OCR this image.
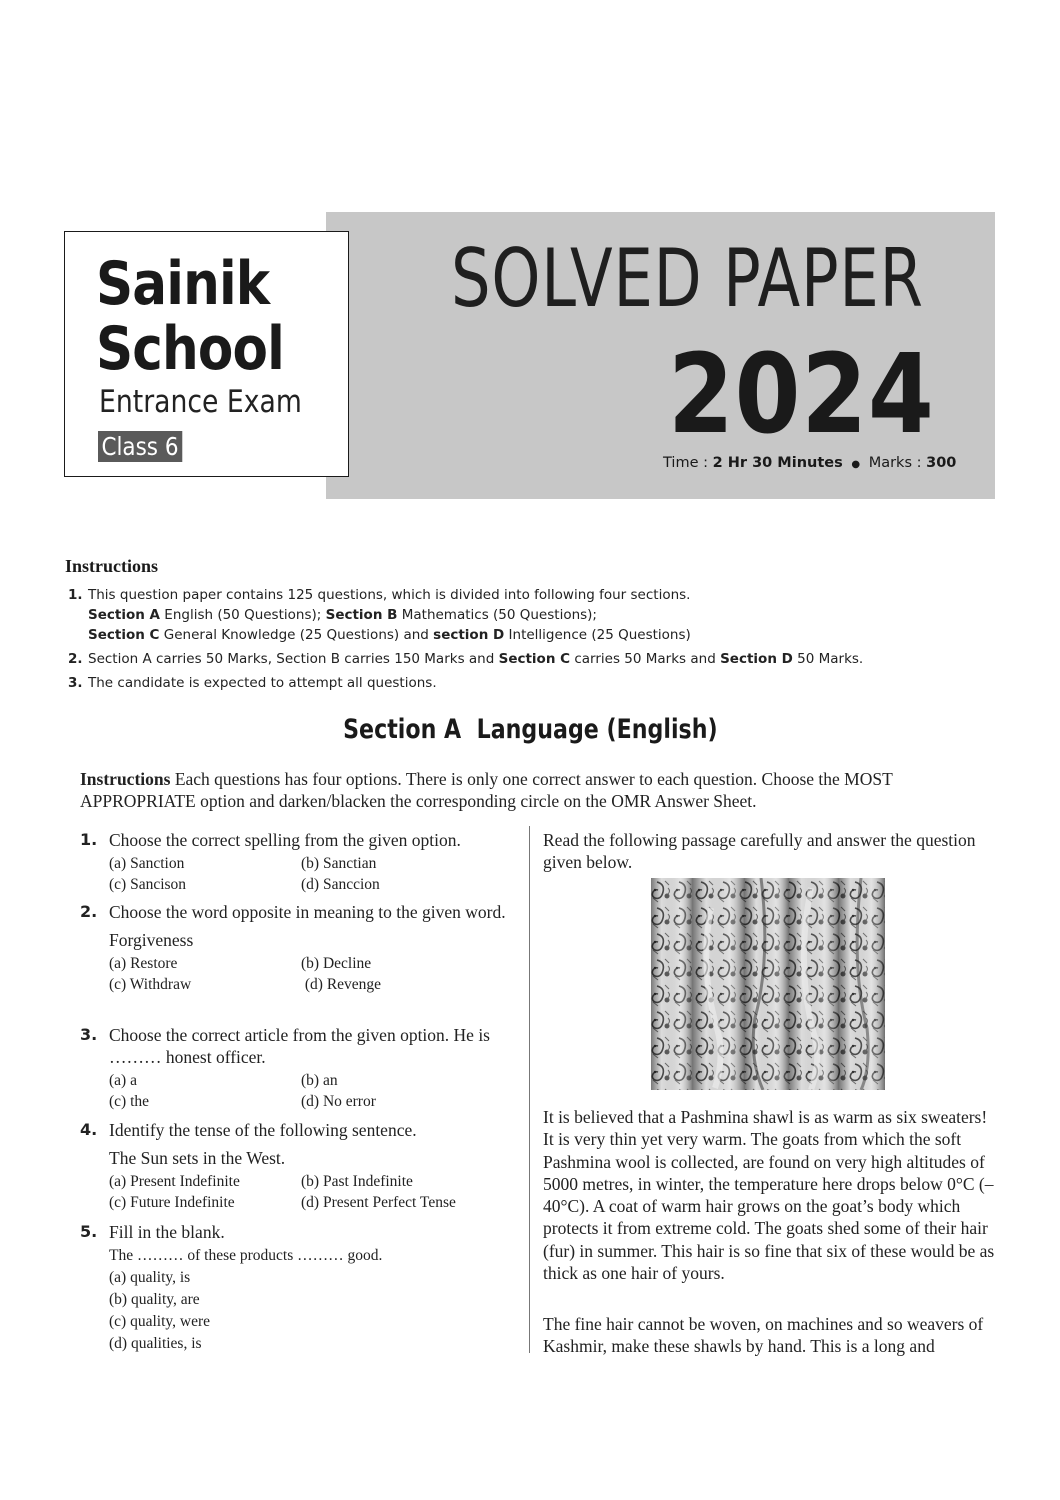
Sainik
School
Entrance Exam
Class 6
SOLVED PAPER
2024
Time : 2 Hr 30 Minutes ● Marks : 300
Instructions
1. This question paper contains 125 questions, which is divided into following four sections.
Section A English (50 Questions); Section B Mathematics (50 Questions);
Section C General Knowledge (25 Questions) and section D Intelligence (25 Questions)
2. Section A carries 50 Marks, Section B carries 150 Marks and Section C carries 50 Marks and Section D 50 Marks.
3. The candidate is expected to attempt all questions.
Section A  Language (English)
Instructions Each questions has four options. There is only one correct answer to each question. Choose the MOST APPROPRIATE option and darken/blacken the corresponding circle on the OMR Answer Sheet.
1. Choose the correct spelling from the given option.
(a) Sanction	(b) Sanctian
(c) Sancison	(d) Sanccion
2. Choose the word opposite in meaning to the given word.
Forgiveness
(a) Restore	(b) Decline
(c) Withdraw	(d) Revenge
3. Choose the correct article from the given option. He is ……… honest officer.
(a) a	(b) an
(c) the	(d) No error
4. Identify the tense of the following sentence.
The Sun sets in the West.
(a) Present Indefinite	(b) Past Indefinite
(c) Future Indefinite	(d) Present Perfect Tense
5. Fill in the blank.
The ……… of these products ……… good.
(a) quality, is
(b) quality, are
(c) quality, were
(d) qualities, is
Read the following passage carefully and answer the question given below.
It is believed that a Pashmina shawl is as warm as six sweaters! It is very thin yet very warm. The goats from which the soft Pashmina wool is collected, are found on very high altitudes of 5000 metres, in winter, the temperature here drops below 0°C (– 40°C). A coat of warm hair grows on the goat’s body which protects it from extreme cold. The goats shed some of their hair (fur) in summer. This hair is so fine that six of these would be as thick as one hair of yours.
The fine hair cannot be woven, on machines and so weavers of Kashmir, make these shawls by hand. This is a long and
